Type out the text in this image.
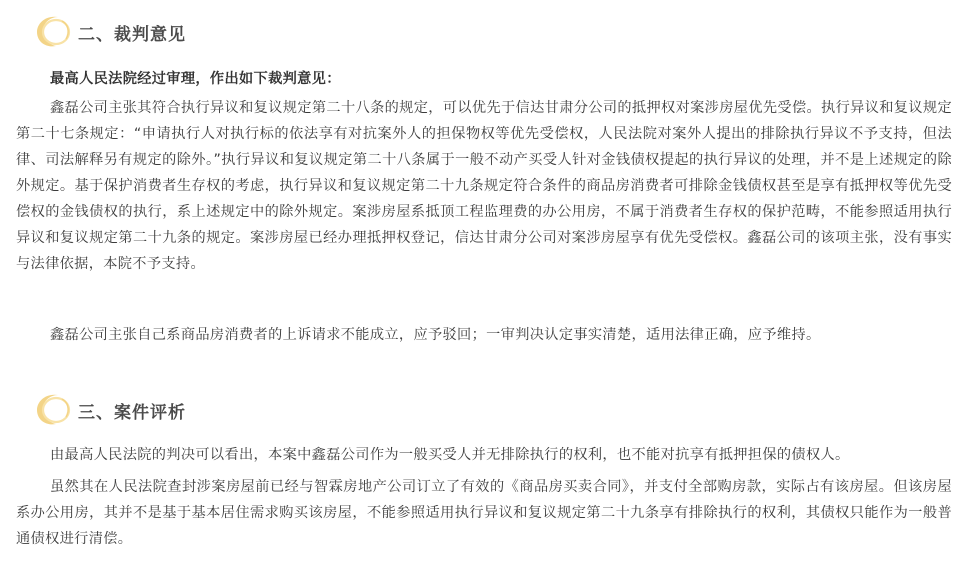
二、裁判意见
最高人民法院经过审理，作出如下裁判意见：
鑫磊公司主张其符合执行异议和复议规定第二十八条的规定，可以优先于信达甘肃分公司的抵押权对案涉房屋优先受偿。执行异议和复议规定第二十七条规定：“申请执行人对执行标的依法享有对抗案外人的担保物权等优先受偿权，人民法院对案外人提出的排除执行异议不予支持，但法律、司法解释另有规定的除外。”执行异议和复议规定第二十八条属于一般不动产买受人针对金钱债权提起的执行异议的处理，并不是上述规定的除外规定。基于保护消费者生存权的考虑，执行异议和复议规定第二十九条规定符合条件的商品房消费者可排除金钱债权甚至是享有抵押权等优先受偿权的金钱债权的执行，系上述规定中的除外规定。案涉房屋系抵顶工程监理费的办公用房，不属于消费者生存权的保护范畴，不能参照适用执行异议和复议规定第二十九条的规定。案涉房屋已经办理抵押权登记，信达甘肃分公司对案涉房屋享有优先受偿权。鑫磊公司的该项主张，没有事实与法律依据，本院不予支持。
鑫磊公司主张自己系商品房消费者的上诉请求不能成立，应予驳回；一审判决认定事实清楚，适用法律正确，应予维持。
三、案件评析
由最高人民法院的判决可以看出，本案中鑫磊公司作为一般买受人并无排除执行的权利，也不能对抗享有抵押担保的债权人。
虽然其在人民法院查封涉案房屋前已经与智霖房地产公司订立了有效的《商品房买卖合同》，并支付全部购房款，实际占有该房屋。但该房屋系办公用房，其并不是基于基本居住需求购买该房屋，不能参照适用执行异议和复议规定第二十九条享有排除执行的权利，其债权只能作为一般普通债权进行清偿。
